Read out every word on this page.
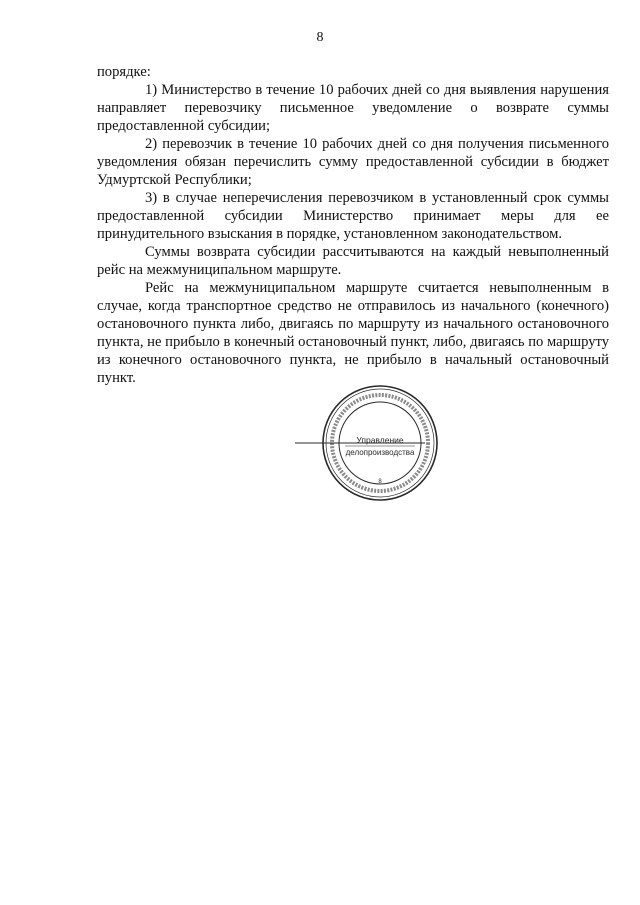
8

порядке:

1) Министерство в течение 10 рабочих дней со дня выявления нарушения направляет перевозчику письменное уведомление о возврате суммы предоставленной субсидии;

2) перевозчик в течение 10 рабочих дней со дня получения письменного уведомления обязан перечислить сумму предоставленной субсидии в бюджет Удмуртской Республики;

3) в случае неперечисления перевозчиком в установленный срок суммы предоставленной субсидии Министерство принимает меры для ее принудительного взыскания в порядке, установленном законодательством.

Суммы возврата субсидии рассчитываются на каждый невыполненный рейс на межмуниципальном маршруте.

Рейс на межмуниципальном маршруте считается невыполненным в случае, когда транспортное средство не отправилось из начального (конечного) остановочного пункта либо, двигаясь по маршруту из начального остановочного пункта, не прибыло в конечный остановочный пункт, либо, двигаясь по маршруту из конечного остановочного пункта, не прибыло в начальный остановочный пункт.

Управление
делопроизводства
8
